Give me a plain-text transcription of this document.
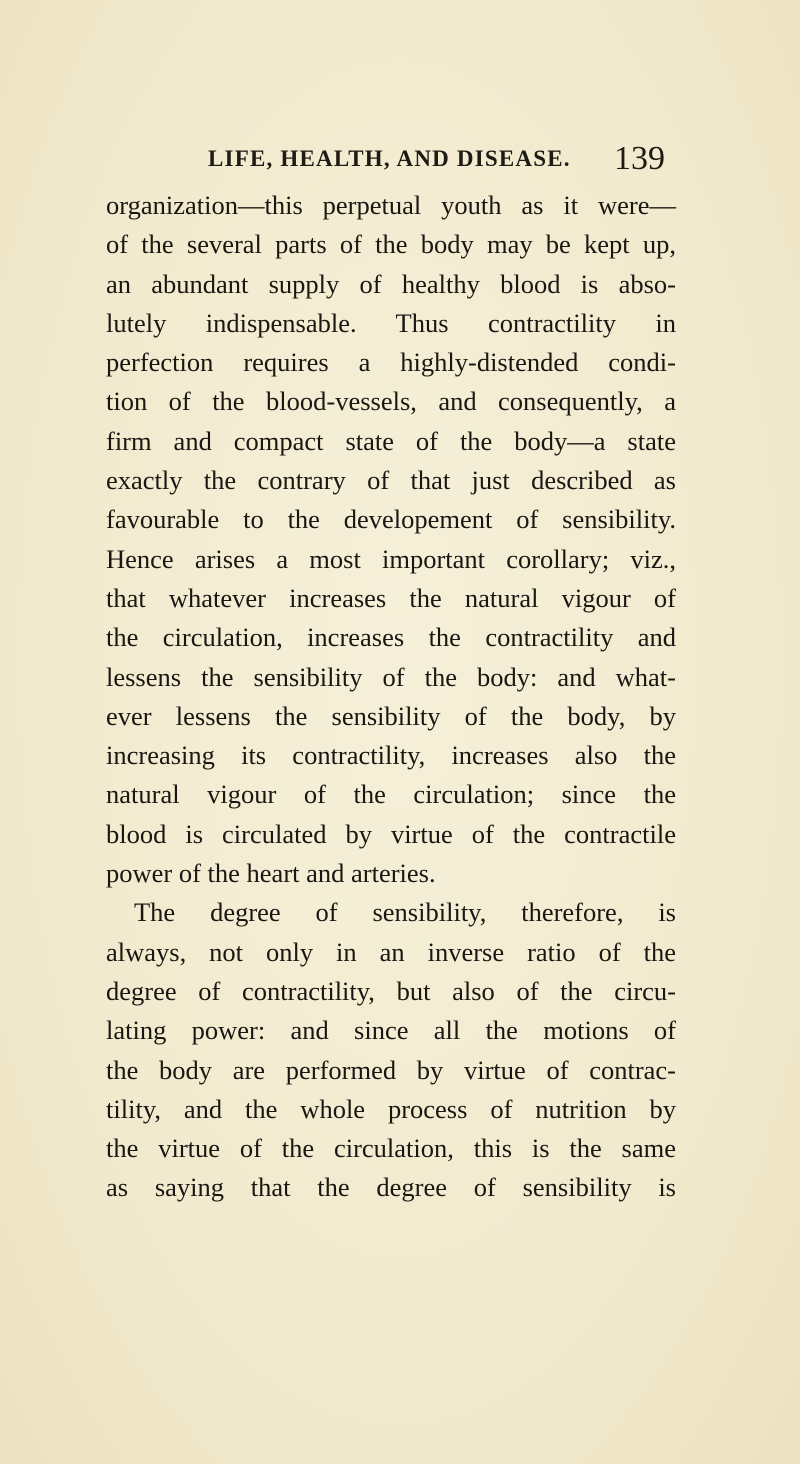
LIFE, HEALTH, AND DISEASE.	139
organization—this perpetual youth as it were—
of the several parts of the body may be kept up,
an abundant supply of healthy blood is abso-
lutely indispensable. Thus contractility in
perfection requires a highly-distended condi-
tion of the blood-vessels, and consequently, a
firm and compact state of the body—a state
exactly the contrary of that just described as
favourable to the developement of sensibility.
Hence arises a most important corollary; viz.,
that whatever increases the natural vigour of
the circulation, increases the contractility and
lessens the sensibility of the body: and what-
ever lessens the sensibility of the body, by
increasing its contractility, increases also the
natural vigour of the circulation; since the
blood is circulated by virtue of the contractile
power of the heart and arteries.
The degree of sensibility, therefore, is
always, not only in an inverse ratio of the
degree of contractility, but also of the circu-
lating power: and since all the motions of
the body are performed by virtue of contrac-
tility, and the whole process of nutrition by
the virtue of the circulation, this is the same
as saying that the degree of sensibility is
